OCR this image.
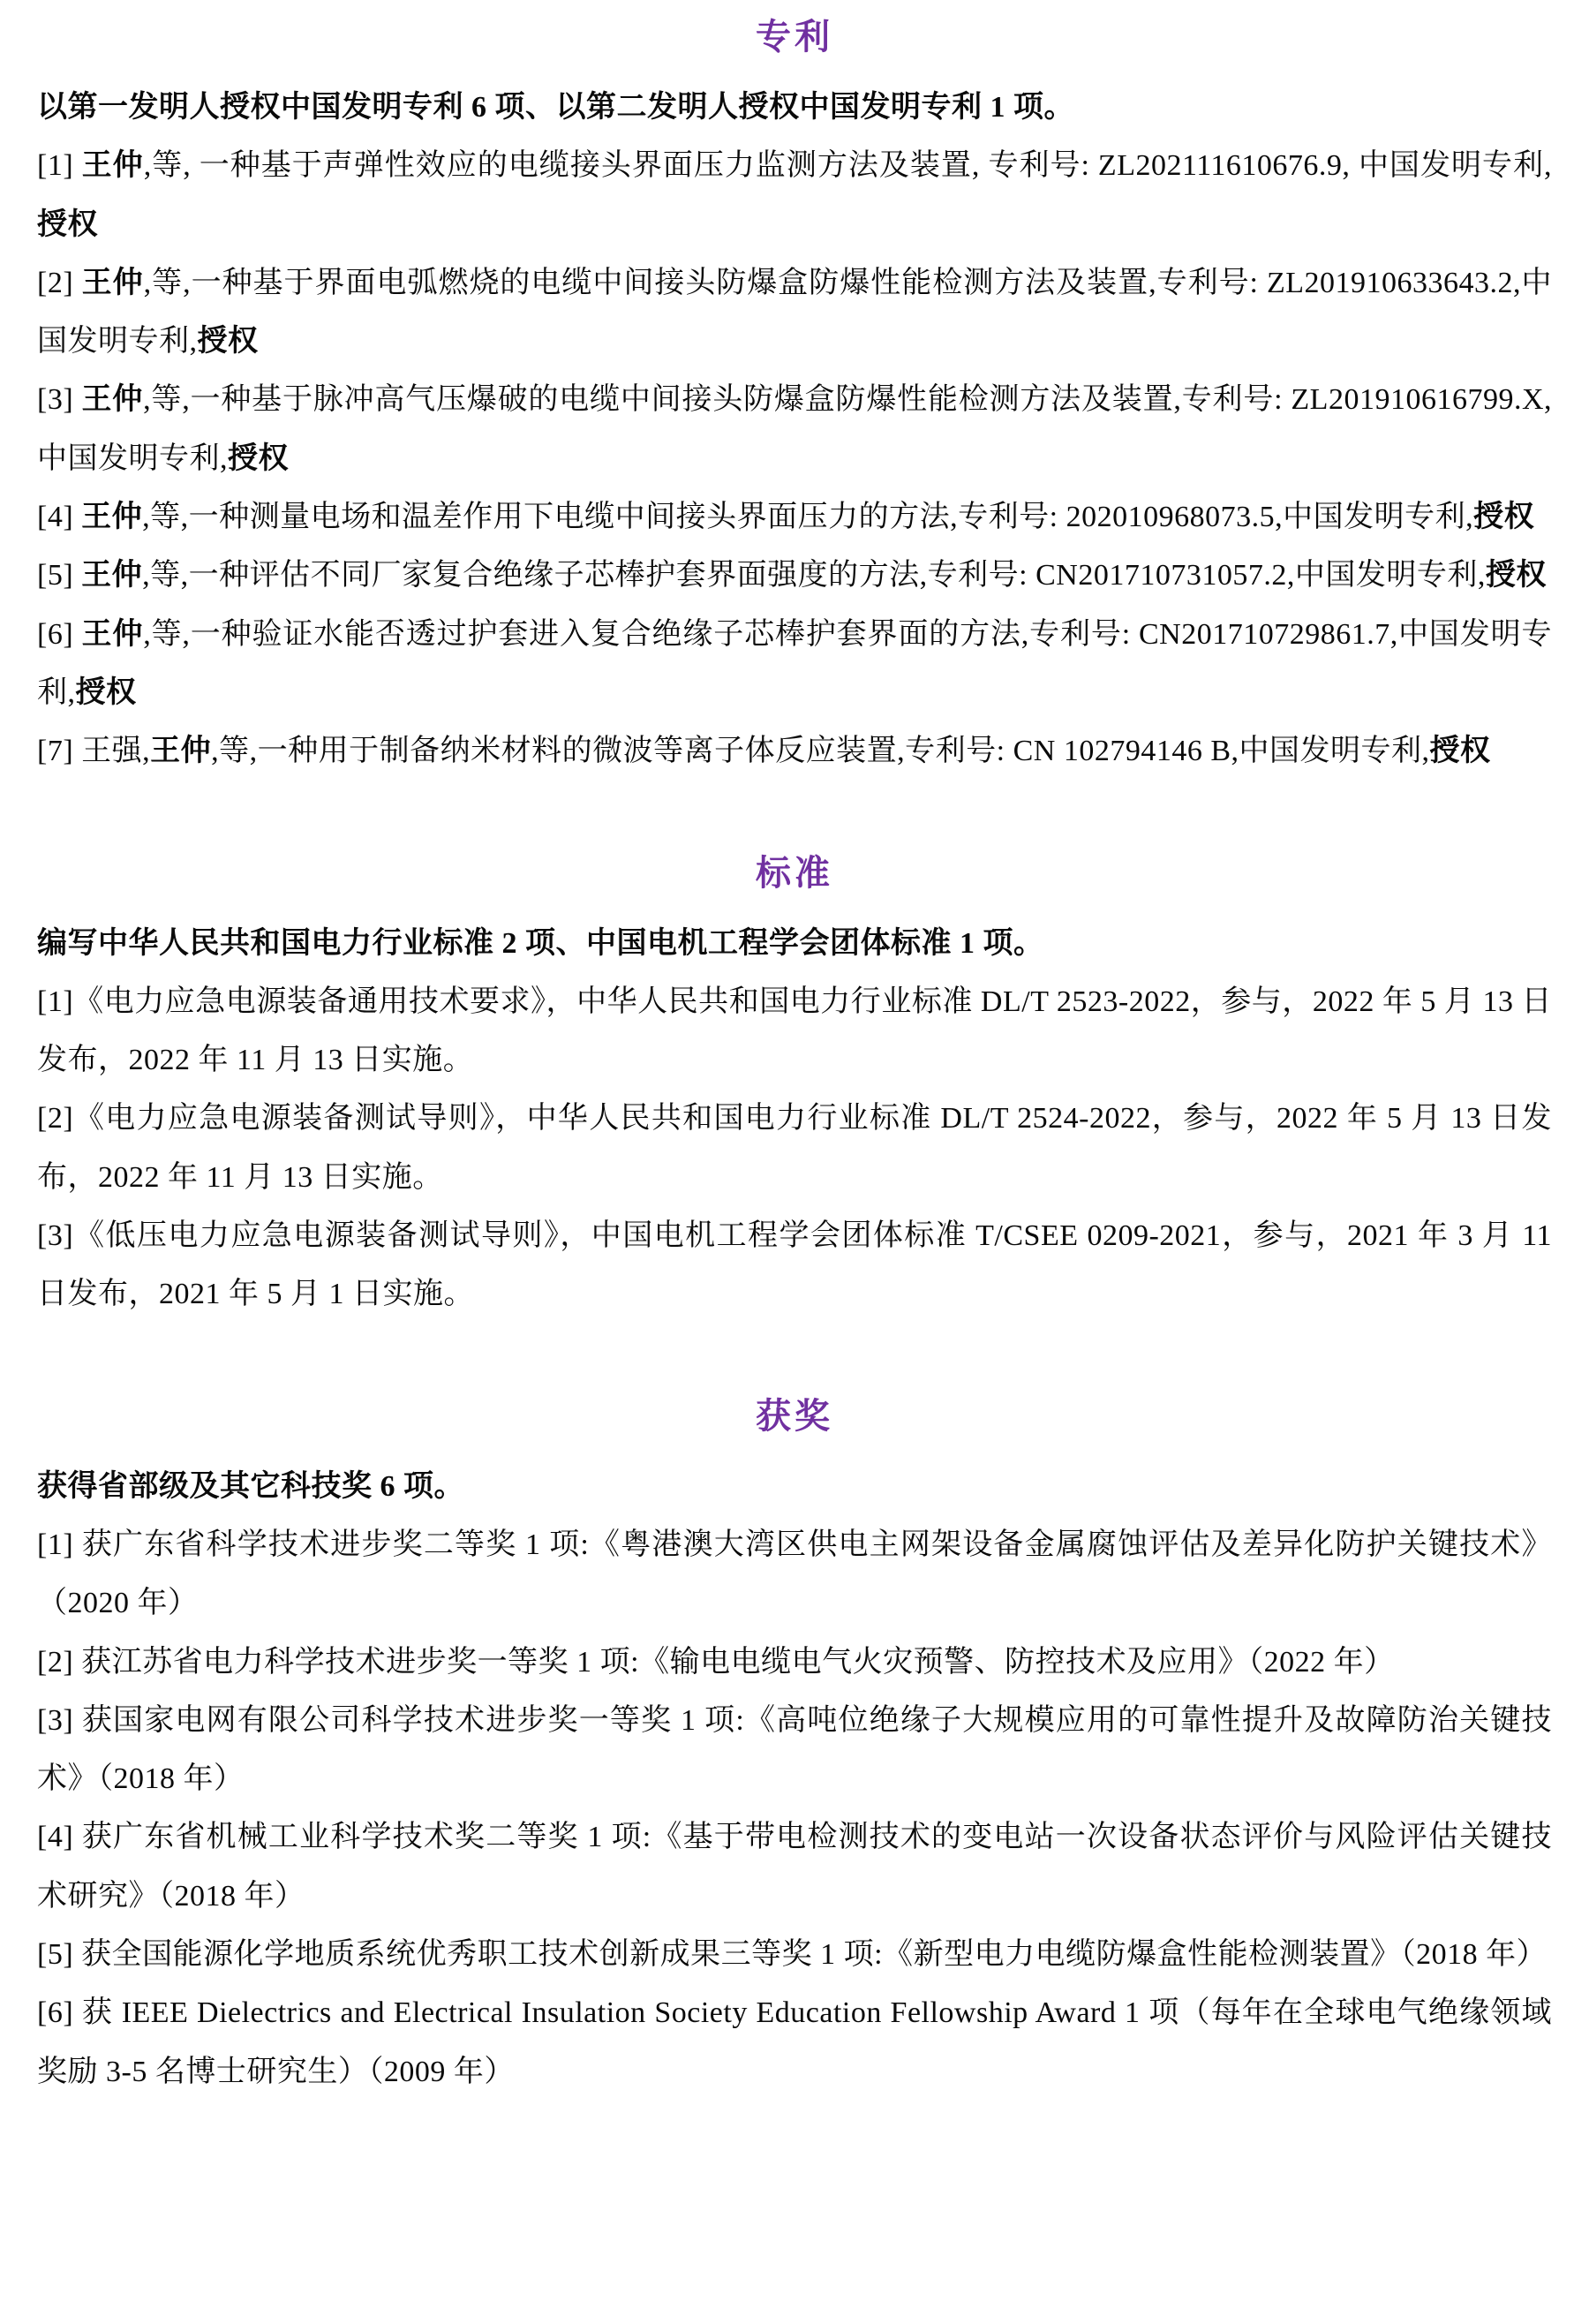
专利

以第一发明人授权中国发明专利 6 项、以第二发明人授权中国发明专利 1 项。

[1] 王仲,等, 一种基于声弹性效应的电缆接头界面压力监测方法及装置, 专利号: ZL202111610676.9, 中国发明专利, 授权

[2] 王仲,等,一种基于界面电弧燃烧的电缆中间接头防爆盒防爆性能检测方法及装置,专利号: ZL201910633643.2,中国发明专利,授权

[3] 王仲,等,一种基于脉冲高气压爆破的电缆中间接头防爆盒防爆性能检测方法及装置,专利号: ZL201910616799.X,中国发明专利,授权

[4] 王仲,等,一种测量电场和温差作用下电缆中间接头界面压力的方法,专利号: 202010968073.5,中国发明专利,授权

[5] 王仲,等,一种评估不同厂家复合绝缘子芯棒护套界面强度的方法,专利号: CN201710731057.2,中国发明专利,授权

[6] 王仲,等,一种验证水能否透过护套进入复合绝缘子芯棒护套界面的方法,专利号: CN201710729861.7,中国发明专利,授权

[7] 王强,王仲,等,一种用于制备纳米材料的微波等离子体反应装置,专利号: CN 102794146 B,中国发明专利,授权

标准

编写中华人民共和国电力行业标准 2 项、中国电机工程学会团体标准 1 项。

[1]《电力应急电源装备通用技术要求》，中华人民共和国电力行业标准 DL/T 2523-2022，参与，2022 年 5 月 13 日发布，2022 年 11 月 13 日实施。

[2]《电力应急电源装备测试导则》，中华人民共和国电力行业标准 DL/T 2524-2022，参与，2022 年 5 月 13 日发布，2022 年 11 月 13 日实施。

[3]《低压电力应急电源装备测试导则》，中国电机工程学会团体标准 T/CSEE 0209-2021，参与，2021 年 3 月 11 日发布，2021 年 5 月 1 日实施。

获奖

获得省部级及其它科技奖 6 项。

[1] 获广东省科学技术进步奖二等奖 1 项:《粤港澳大湾区供电主网架设备金属腐蚀评估及差异化防护关键技术》（2020 年）

[2] 获江苏省电力科学技术进步奖一等奖 1 项:《输电电缆电气火灾预警、防控技术及应用》（2022 年）

[3] 获国家电网有限公司科学技术进步奖一等奖 1 项:《高吨位绝缘子大规模应用的可靠性提升及故障防治关键技术》（2018 年）

[4] 获广东省机械工业科学技术奖二等奖 1 项:《基于带电检测技术的变电站一次设备状态评价与风险评估关键技术研究》（2018 年）

[5] 获全国能源化学地质系统优秀职工技术创新成果三等奖 1 项:《新型电力电缆防爆盒性能检测装置》（2018 年）

[6] 获 IEEE Dielectrics and Electrical Insulation Society Education Fellowship Award 1 项（每年在全球电气绝缘领域奖励 3-5 名博士研究生）（2009 年）
